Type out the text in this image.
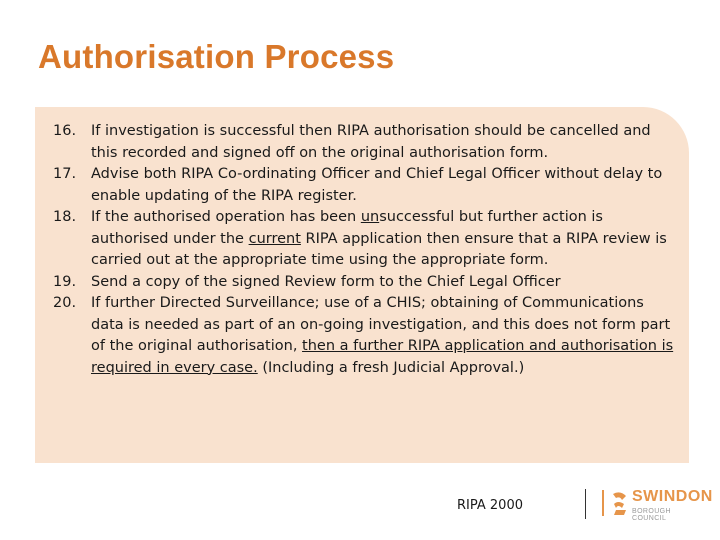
Authorisation Process
16. If investigation is successful then RIPA authorisation should be cancelled and this recorded and signed off on the original authorisation form.
17. Advise both RIPA Co-ordinating Officer and Chief Legal Officer without delay to enable updating of the RIPA register.
18. If the authorised operation has been unsuccessful but further action is authorised under the current RIPA application then ensure that a RIPA review is carried out at the appropriate time using the appropriate form.
19. Send a copy of the signed Review form to the Chief Legal Officer
20. If further Directed Surveillance; use of a CHIS; obtaining of Communications data is needed as part of an on-going investigation, and this does not form part of the original authorisation, then a further RIPA application and authorisation is required in every case. (Including a fresh Judicial Approval.)
RIPA 2000
SWINDON
BOROUGH COUNCIL
